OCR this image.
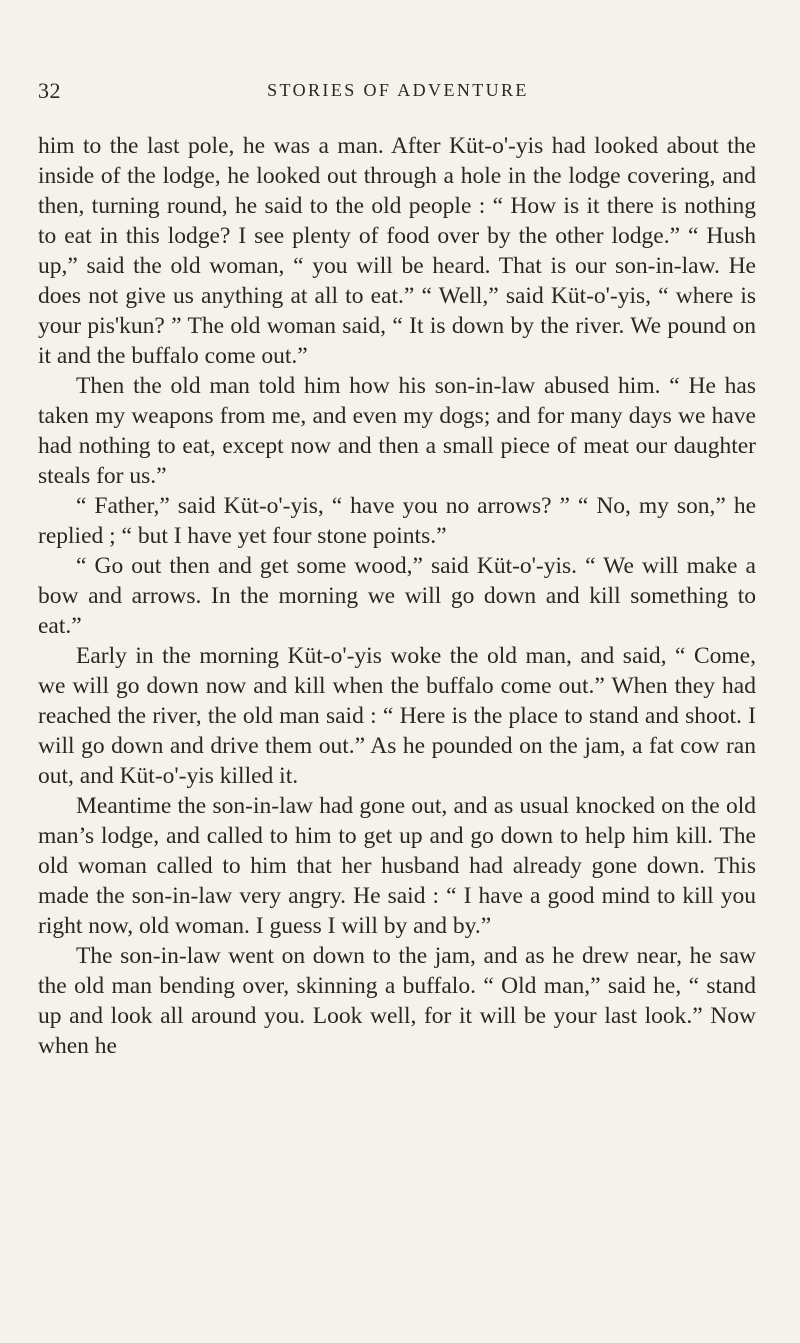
32	STORIES OF ADVENTURE

him to the last pole, he was a man. After Küt-o'-yis had looked about the inside of the lodge, he looked out through a hole in the lodge covering, and then, turning round, he said to the old people : “ How is it there is nothing to eat in this lodge? I see plenty of food over by the other lodge.” “ Hush up,” said the old woman, “ you will be heard. That is our son-in-law. He does not give us anything at all to eat.” “ Well,” said Küt-o'-yis, “ where is your pis'kun? ” The old woman said, “ It is down by the river. We pound on it and the buffalo come out.”

Then the old man told him how his son-in-law abused him. “ He has taken my weapons from me, and even my dogs; and for many days we have had nothing to eat, except now and then a small piece of meat our daughter steals for us.”

“ Father,” said Küt-o'-yis, “ have you no arrows? ” “ No, my son,” he replied ; “ but I have yet four stone points.”

“ Go out then and get some wood,” said Küt-o'-yis. “ We will make a bow and arrows. In the morning we will go down and kill something to eat.”

Early in the morning Küt-o'-yis woke the old man, and said, “ Come, we will go down now and kill when the buffalo come out.” When they had reached the river, the old man said : “ Here is the place to stand and shoot. I will go down and drive them out.” As he pounded on the jam, a fat cow ran out, and Küt-o'-yis killed it.

Meantime the son-in-law had gone out, and as usual knocked on the old man’s lodge, and called to him to get up and go down to help him kill. The old woman called to him that her husband had already gone down. This made the son-in-law very angry. He said : “ I have a good mind to kill you right now, old woman. I guess I will by and by.”

The son-in-law went on down to the jam, and as he drew near, he saw the old man bending over, skinning a buffalo. “ Old man,” said he, “ stand up and look all around you. Look well, for it will be your last look.” Now when he
